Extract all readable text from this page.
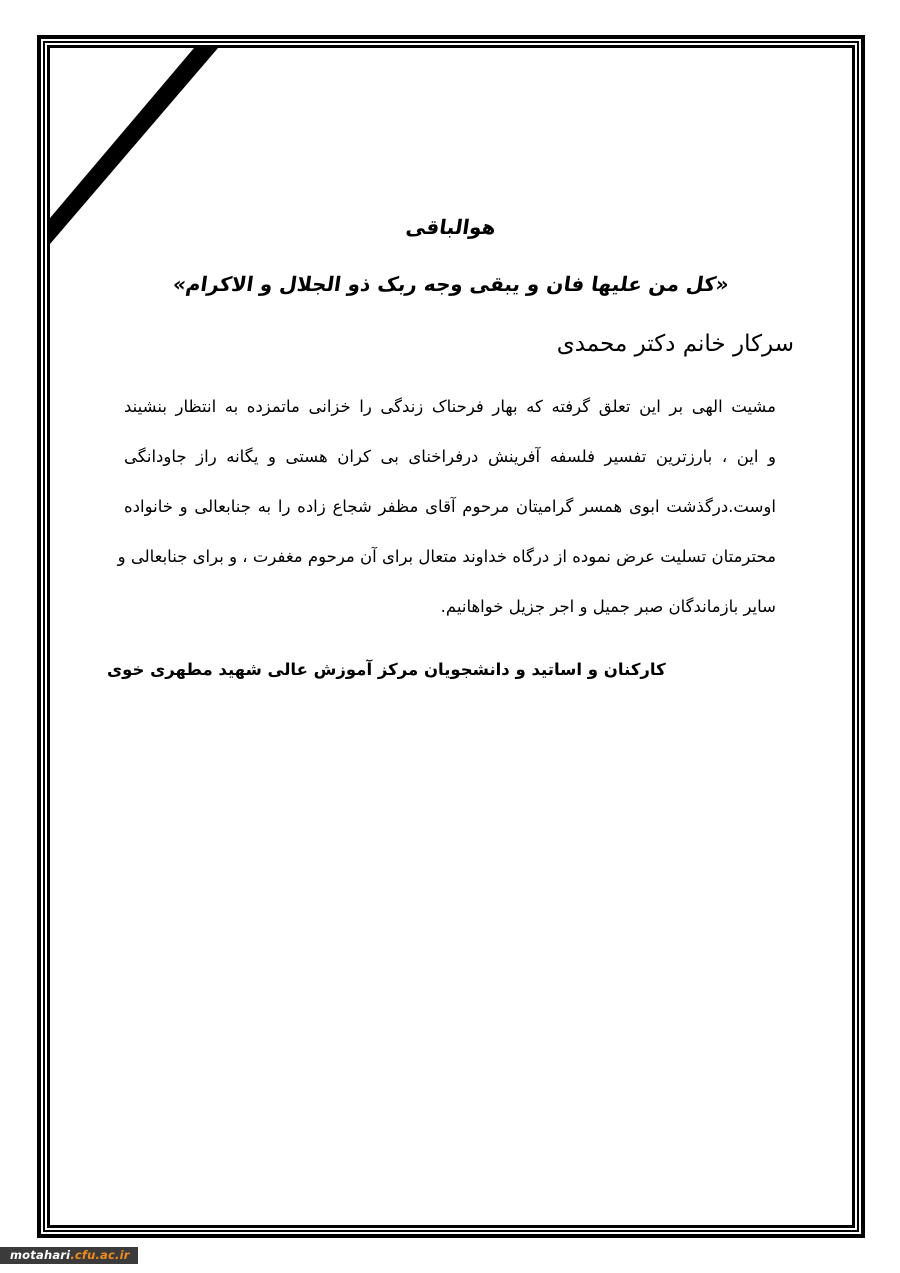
هوالباقی
«کل من علیها فان و یبقی وجه ربک ذو الجلال و الاکرام»
سرکار خانم دکتر محمدی
مشیت الهی بر این تعلق گرفته که بهار فرحناک زندگی را خزانی ماتمزده به انتظار بنشیند
و این ، بارزترین تفسیر فلسفه آفرینش درفراخنای بی کران هستی و یگانه راز جاودانگی
اوست.درگذشت ابوی همسر گرامیتان مرحوم آقای مظفر شجاع زاده را به جنابعالی و خانواده
محترمتان تسلیت عرض نموده از درگاه خداوند متعال برای آن مرحوم مغفرت ، و برای جنابعالی و
سایر بازماندگان صبر جمیل و اجر جزیل خواهانیم.
کارکنان و اساتید و دانشجویان مرکز آموزش عالی شهید مطهری خوی
motahari .cfu.ac.ir
